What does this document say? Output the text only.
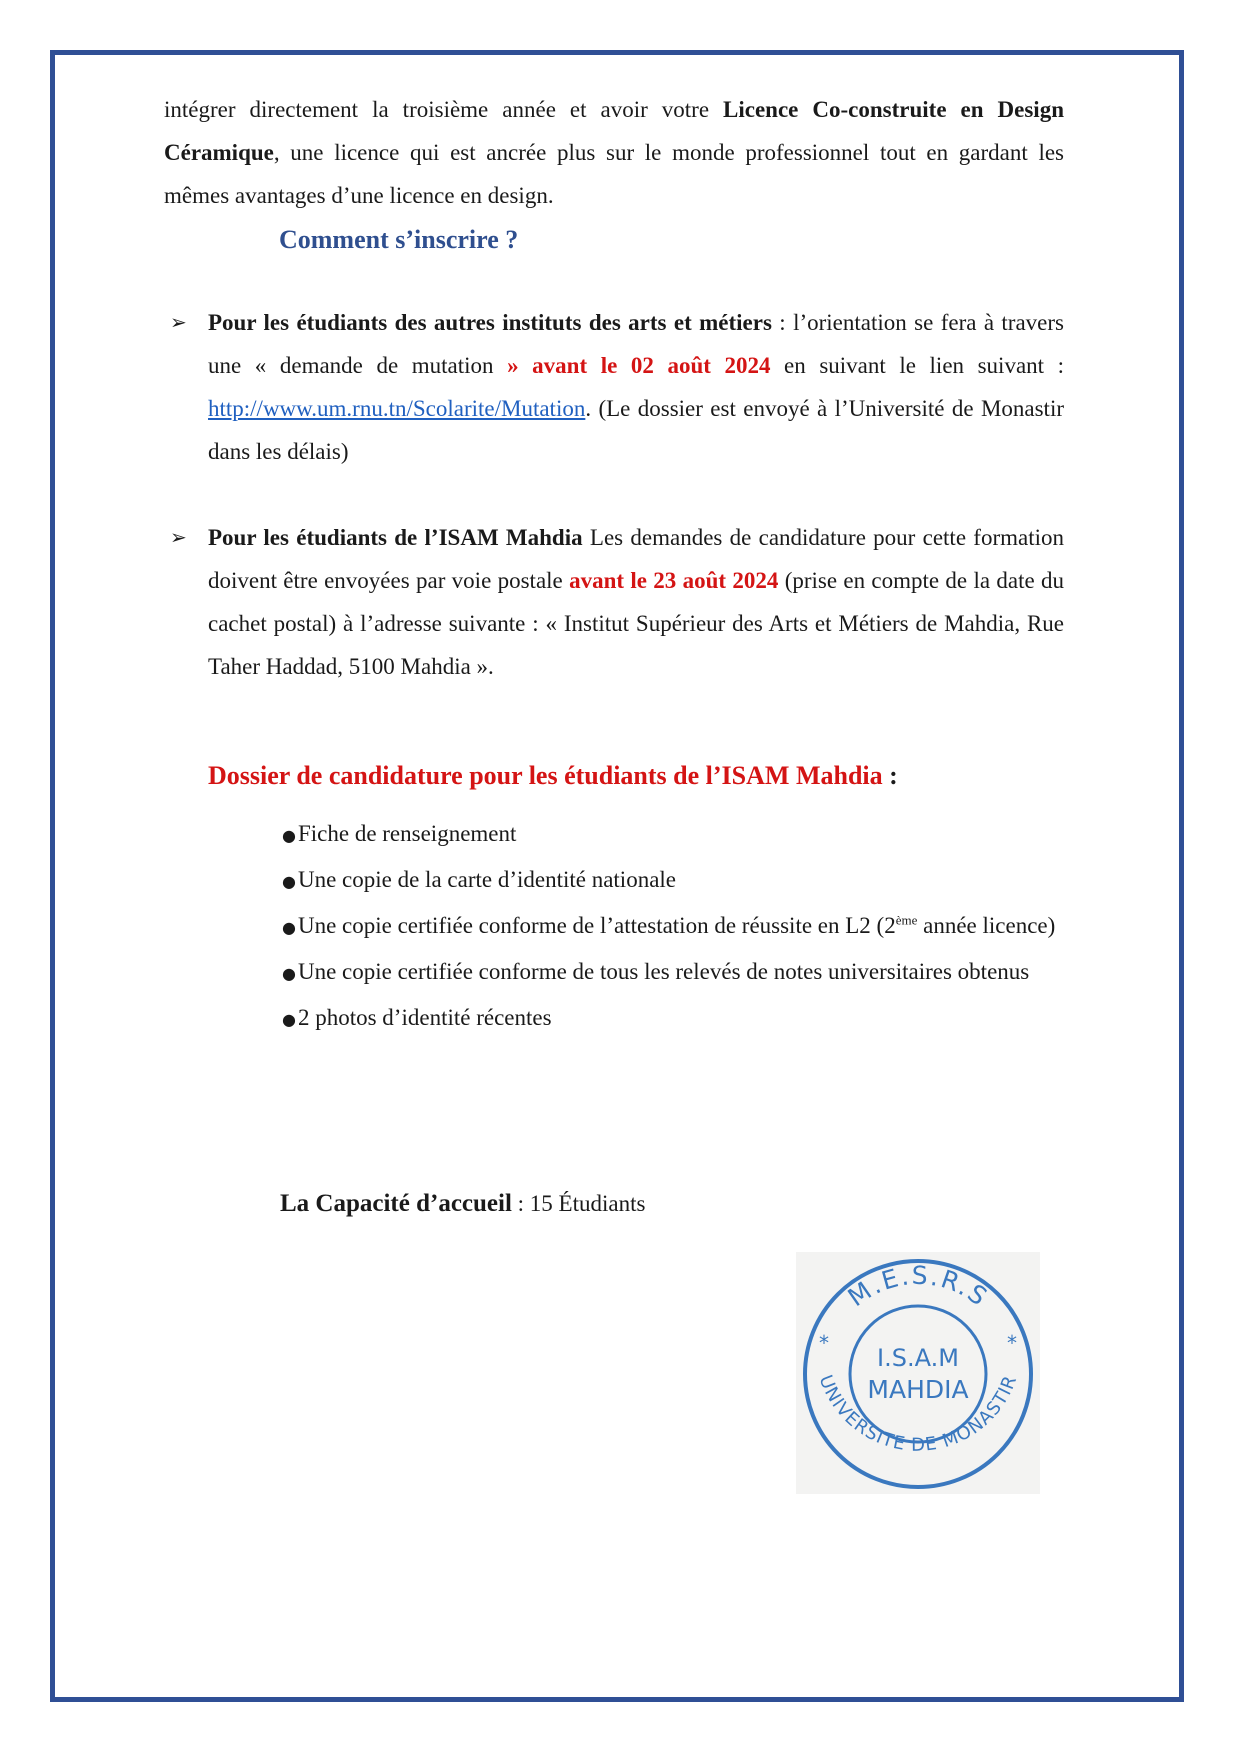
intégrer directement la troisième année et avoir votre Licence Co-construite en Design Céramique, une licence qui est ancrée plus sur le monde professionnel tout en gardant les mêmes avantages d’une licence en design.

Comment s’inscrire ?
➢ Pour les étudiants des autres instituts des arts et métiers : l’orientation se fera à travers une « demande de mutation » avant le 02 août 2024 en suivant le lien suivant : http://www.um.rnu.tn/Scolarite/Mutation. (Le dossier est envoyé à l’Université de Monastir dans les délais)

➢ Pour les étudiants de l’ISAM Mahdia Les demandes de candidature pour cette formation doivent être envoyées par voie postale avant le 23 août 2024 (prise en compte de la date du cachet postal) à l’adresse suivante : « Institut Supérieur des Arts et Métiers de Mahdia, Rue Taher Haddad, 5100 Mahdia ».

Dossier de candidature pour les étudiants de l’ISAM Mahdia :

●Fiche de renseignement

●Une copie de la carte d’identité nationale

●Une copie certifiée conforme de l’attestation de réussite en L2 (2ème année licence)

●Une copie certifiée conforme de tous les relevés de notes universitaires obtenus

●2 photos d’identité récentes

La Capacité d’accueil : 15 Étudiants
M.E.S.R.S
UNIVERSITE DE MONASTIR
I.S.A.M
MAHDIA
*	*
